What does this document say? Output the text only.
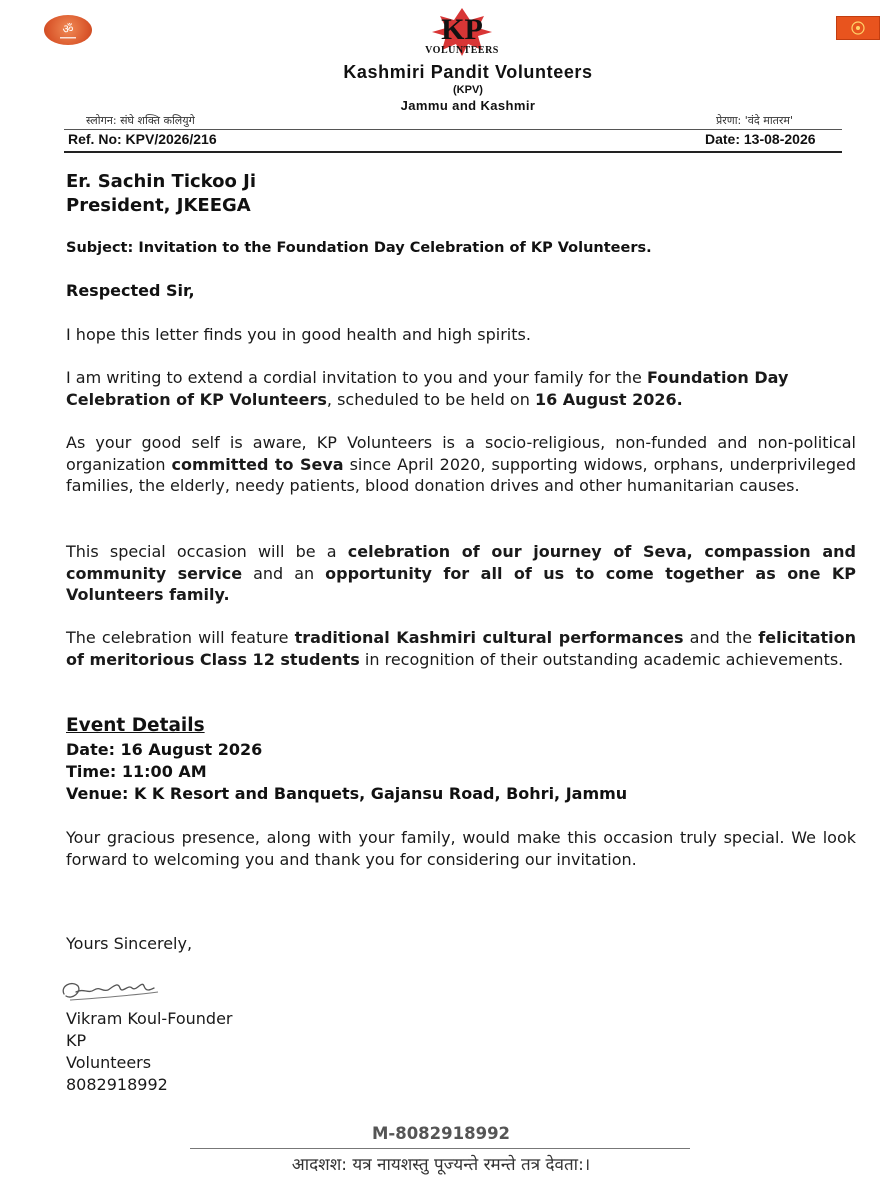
ॐ	KP
VOLUNTEERS
Kashmiri Pandit Volunteers
(KPV)
Jammu and Kashmir
स्लोगन: संघे शक्ति कलियुगे	प्रेरणा: 'वंदे मातरम'
Ref. No: KPV/2026/216	Date: 13-08-2026
Er. Sachin Tickoo Ji
President, JKEEGA
Subject: Invitation to the Foundation Day Celebration of KP Volunteers.
Respected Sir,
I hope this letter finds you in good health and high spirits.
I am writing to extend a cordial invitation to you and your family for the Foundation Day Celebration of KP Volunteers, scheduled to be held on 16 August 2026.
As your good self is aware, KP Volunteers is a socio-religious, non-funded and non-political organization committed to Seva since April 2020, supporting widows, orphans, underprivileged families, the elderly, needy patients, blood donation drives and other humanitarian causes.
This special occasion will be a celebration of our journey of Seva, compassion and community service and an opportunity for all of us to come together as one KP Volunteers family.
The celebration will feature traditional Kashmiri cultural performances and the felicitation of meritorious Class 12 students in recognition of their outstanding academic achievements.
Event Details
Date: 16 August 2026
Time: 11:00 AM
Venue: K K Resort and Banquets, Gajansu Road, Bohri, Jammu
Your gracious presence, along with your family, would make this occasion truly special. We look forward to welcoming you and thank you for considering our invitation.
Yours Sincerely,
Vikram Koul-Founder
KP
Volunteers
8082918992
M-8082918992
आदशश: यत्र नायशस्तु पूज्यन्ते रमन्ते तत्र देवता:।
